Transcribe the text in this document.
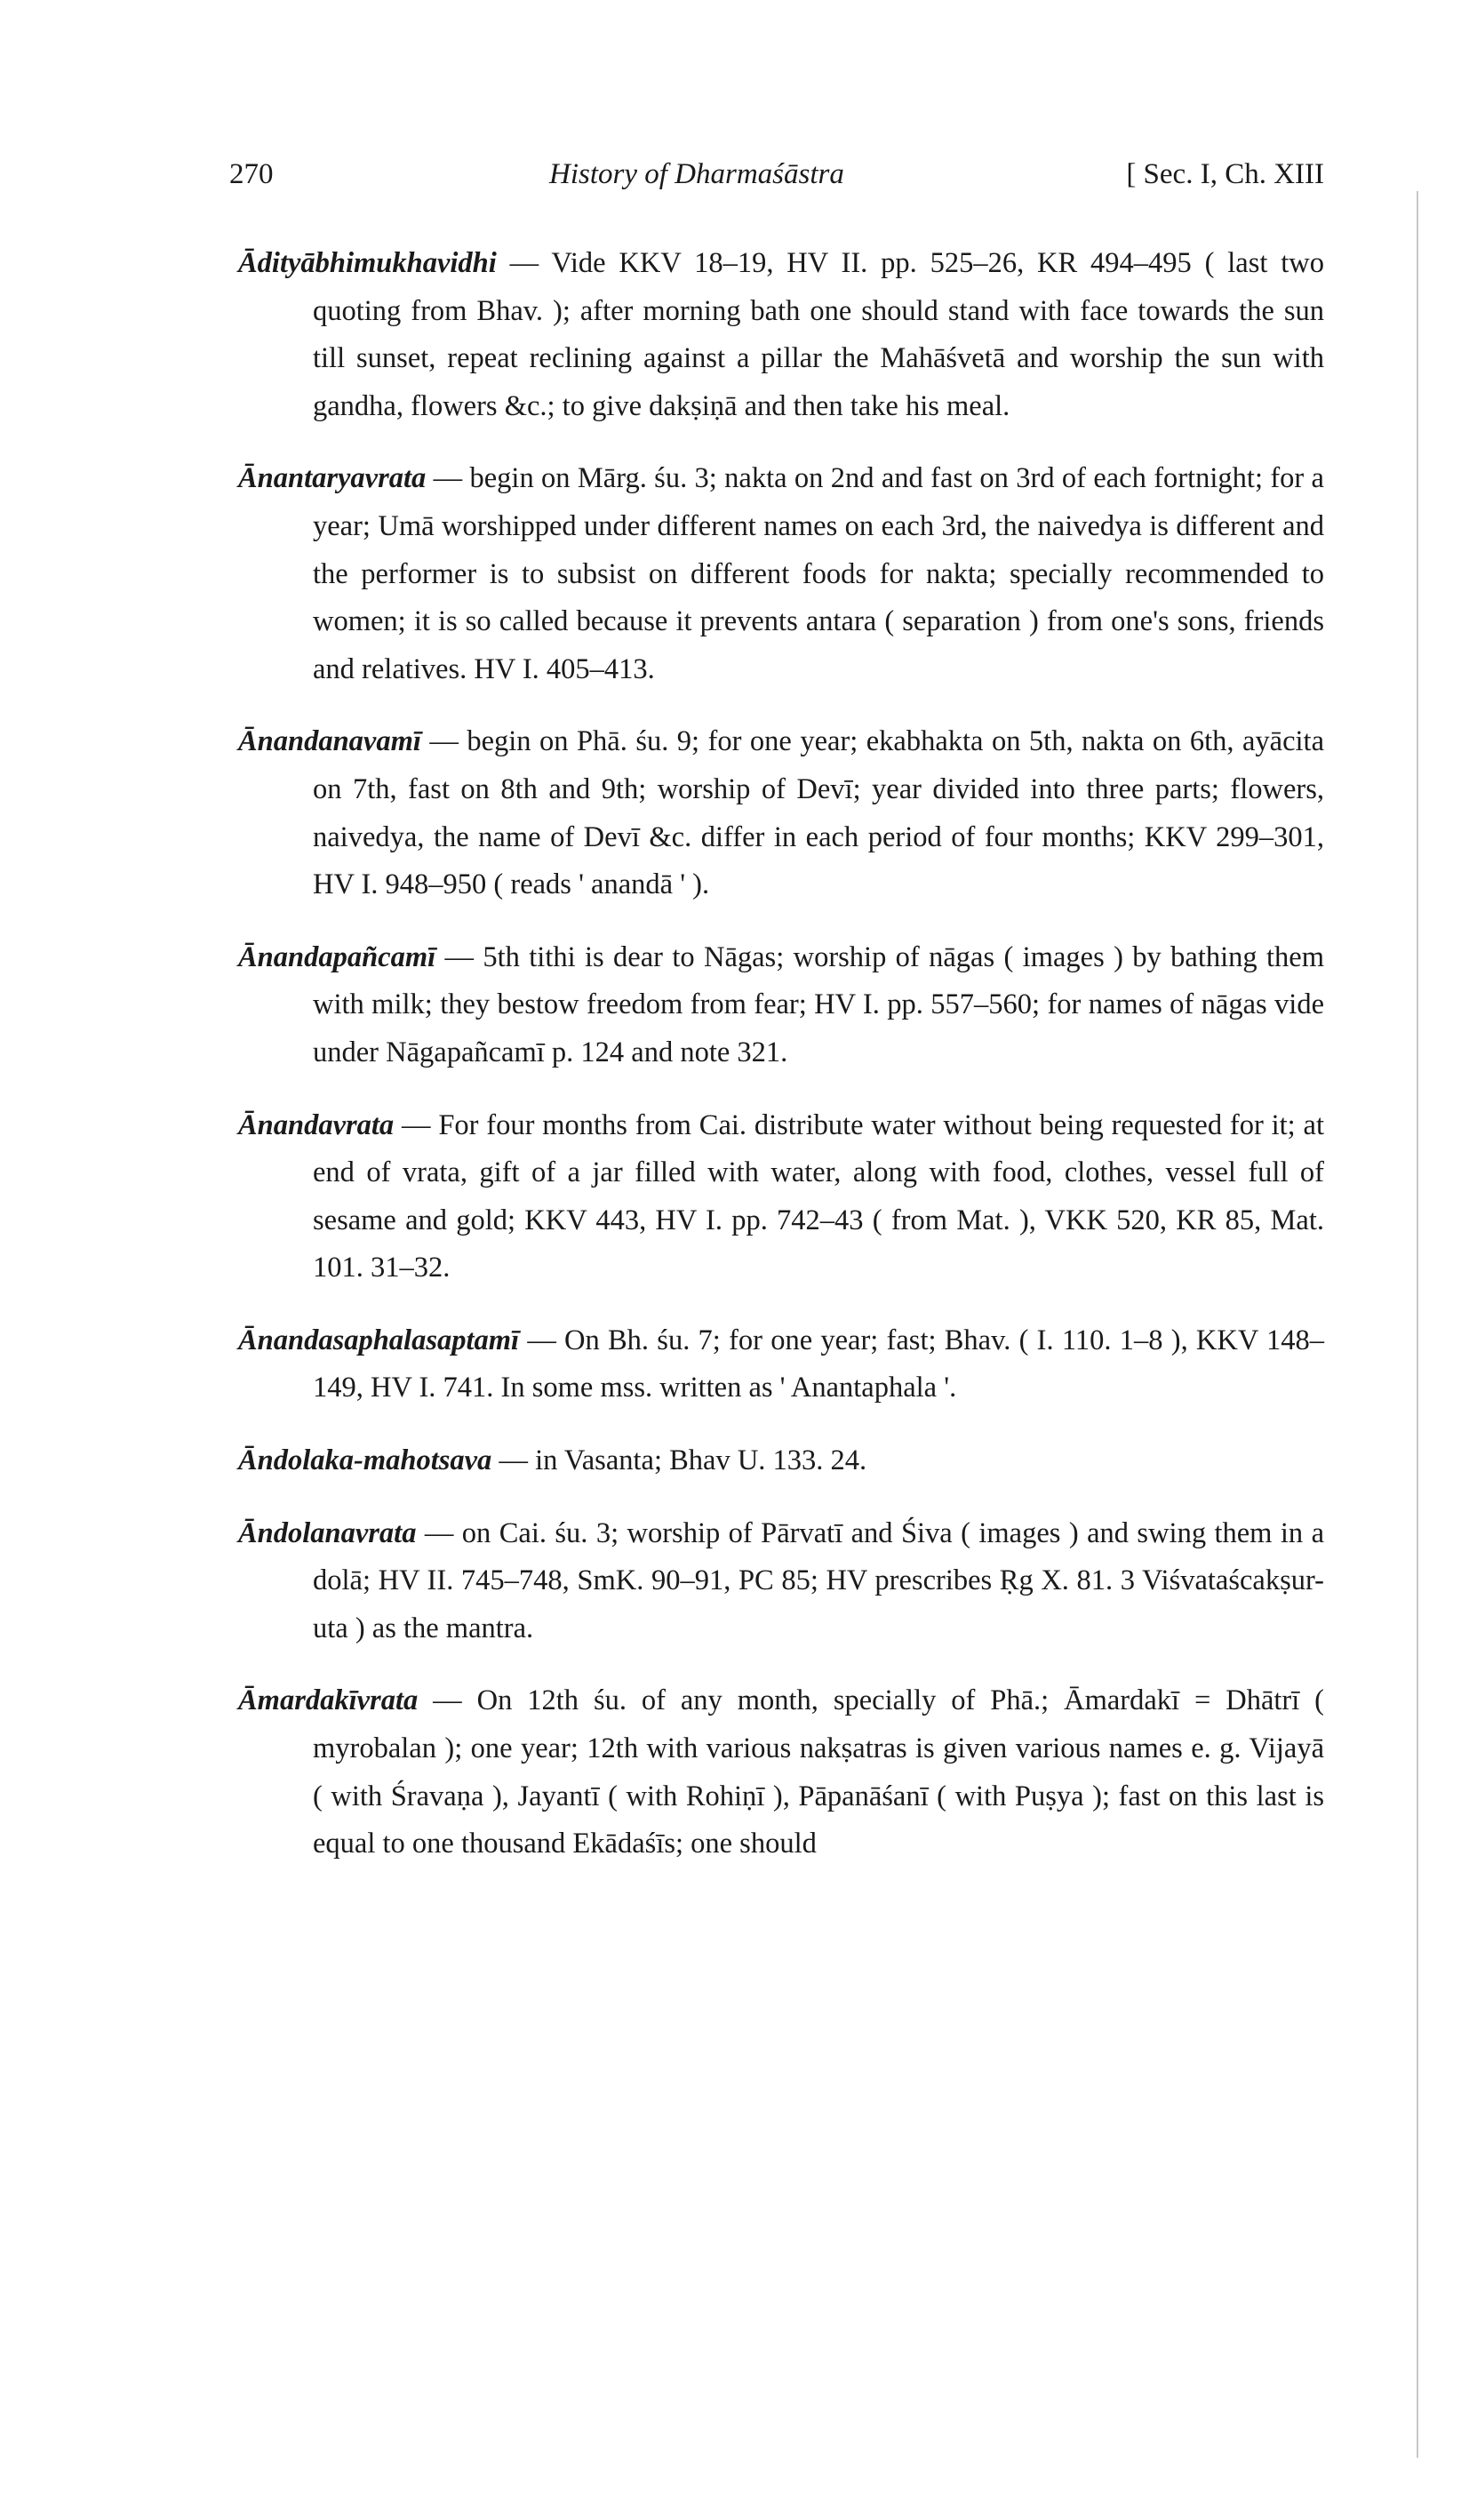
270	History of Dharmaśāstra	[ Sec. I, Ch. XIII

Ādityābhimukhavidhi — Vide KKV 18–19, HV II. pp. 525–26, KR 494–495 ( last two quoting from Bhav. ); after morning bath one should stand with face towards the sun till sunset, repeat reclining against a pillar the Mahāśvetā and worship the sun with gandha, flowers &c.; to give dakṣiṇā and then take his meal.

Ānantaryavrata — begin on Mārg. śu. 3; nakta on 2nd and fast on 3rd of each fortnight; for a year; Umā worshipped under different names on each 3rd, the naivedya is different and the performer is to subsist on different foods for nakta; specially recommended to women; it is so called because it prevents antara ( separation ) from one's sons, friends and relatives. HV I. 405–413.

Ānandanavamī — begin on Phā. śu. 9; for one year; ekabhakta on 5th, nakta on 6th, ayācita on 7th, fast on 8th and 9th; worship of Devī; year divided into three parts; flowers, naivedya, the name of Devī &c. differ in each period of four months; KKV 299–301, HV I. 948–950 ( reads ' anandā ' ).

Ānandapañcamī — 5th tithi is dear to Nāgas; worship of nāgas ( images ) by bathing them with milk; they bestow freedom from fear; HV I. pp. 557–560; for names of nāgas vide under Nāgapañcamī p. 124 and note 321.

Ānandavrata — For four months from Cai. distribute water without being requested for it; at end of vrata, gift of a jar filled with water, along with food, clothes, vessel full of sesame and gold; KKV 443, HV I. pp. 742–43 ( from Mat. ), VKK 520, KR 85, Mat. 101. 31–32.

Ānandasaphalasaptamī — On Bh. śu. 7; for one year; fast; Bhav. ( I. 110. 1–8 ), KKV 148–149, HV I. 741. In some mss. written as ' Anantaphala '.

Āndolaka-mahotsava — in Vasanta; Bhav U. 133. 24.

Āndolanavrata — on Cai. śu. 3; worship of Pārvatī and Śiva ( images ) and swing them in a dolā; HV II. 745–748, SmK. 90–91, PC 85; HV prescribes Ṛg X. 81. 3 Viśvataścakṣur-uta ) as the mantra.

Āmardakīvrata — On 12th śu. of any month, specially of Phā.; Āmardakī = Dhātrī ( myrobalan ); one year; 12th with various nakṣatras is given various names e. g. Vijayā ( with Śravaṇa ), Jayantī ( with Rohiṇī ), Pāpanāśanī ( with Puṣya ); fast on this last is equal to one thousand Ekādaśīs; one should
